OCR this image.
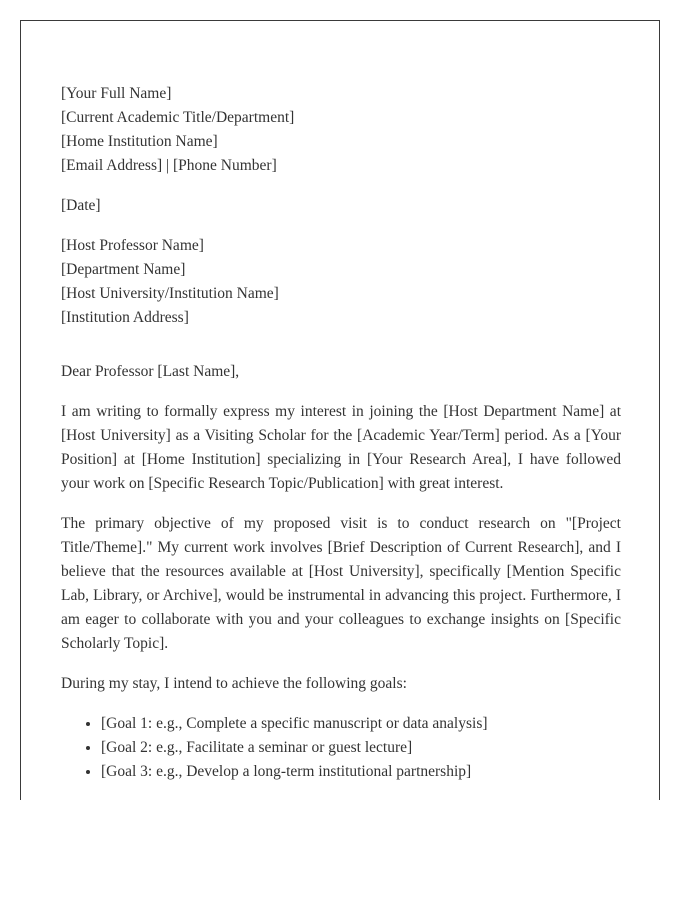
[Your Full Name]
[Current Academic Title/Department]
[Home Institution Name]
[Email Address] | [Phone Number]
[Date]
[Host Professor Name]
[Department Name]
[Host University/Institution Name]
[Institution Address]

Dear Professor [Last Name],

I am writing to formally express my interest in joining the [Host Department Name] at [Host University] as a Visiting Scholar for the [Academic Year/Term] period. As a [Your Position] at [Home Institution] specializing in [Your Research Area], I have followed your work on [Specific Research Topic/Publication] with great interest.

The primary objective of my proposed visit is to conduct research on "[Project Title/Theme]." My current work involves [Brief Description of Current Research], and I believe that the resources available at [Host University], specifically [Mention Specific Lab, Library, or Archive], would be instrumental in advancing this project. Furthermore, I am eager to collaborate with you and your colleagues to exchange insights on [Specific Scholarly Topic].

During my stay, I intend to achieve the following goals:

• [Goal 1: e.g., Complete a specific manuscript or data analysis]
• [Goal 2: e.g., Facilitate a seminar or guest lecture]
• [Goal 3: e.g., Develop a long-term institutional partnership]
